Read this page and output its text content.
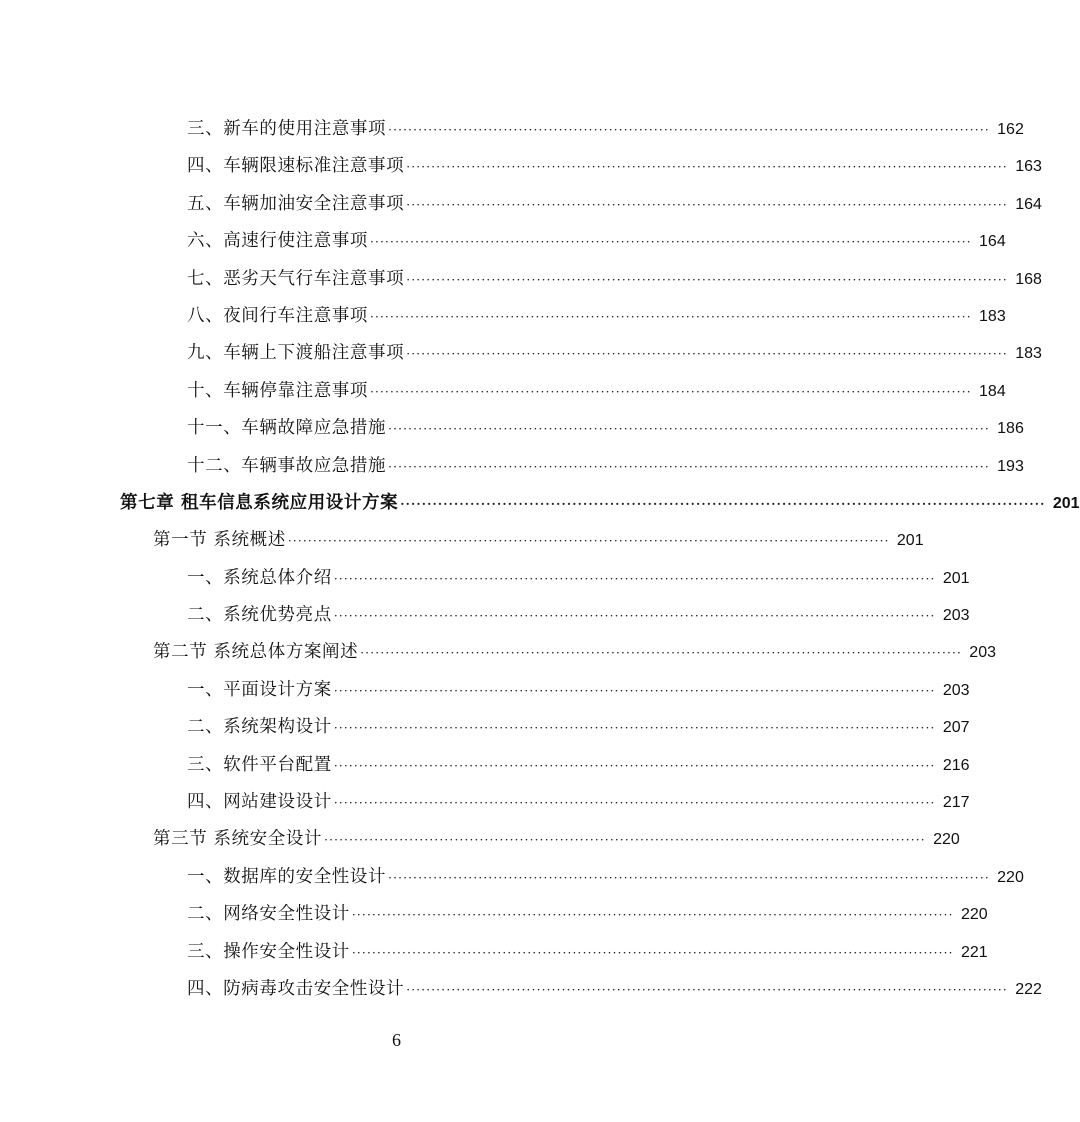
三、新车的使用注意事项 ························································································································ 162
四、车辆限速标准注意事项 ························································································································ 163
五、车辆加油安全注意事项 ························································································································ 164
六、高速行使注意事项 ························································································································ 164
七、恶劣天气行车注意事项 ························································································································ 168
八、夜间行车注意事项 ························································································································ 183
九、车辆上下渡船注意事项 ························································································································ 183
十、车辆停靠注意事项 ························································································································ 184
十一、车辆故障应急措施 ························································································································ 186
十二、车辆事故应急措施 ························································································································ 193
第七章 租车信息系统应用设计方案 ························································································································ 201
第一节 系统概述 ························································································································ 201
一、系统总体介绍 ························································································································ 201
二、系统优势亮点 ························································································································ 203
第二节 系统总体方案阐述 ························································································································ 203
一、平面设计方案 ························································································································ 203
二、系统架构设计 ························································································································ 207
三、软件平台配置 ························································································································ 216
四、网站建设设计 ························································································································ 217
第三节 系统安全设计 ························································································································ 220
一、数据库的安全性设计 ························································································································ 220
二、网络安全性设计 ························································································································ 220
三、操作安全性设计 ························································································································ 221
四、防病毒攻击安全性设计 ························································································································ 222
6
